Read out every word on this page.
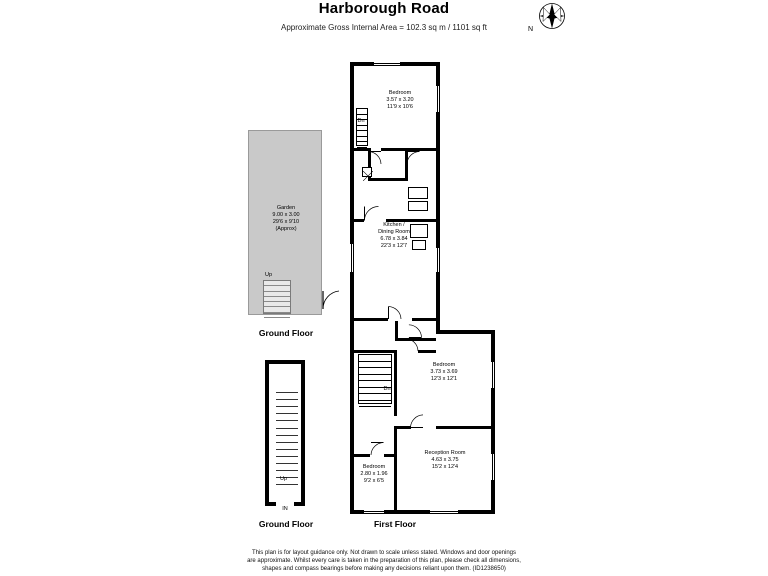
Harborough Road
Approximate Gross Internal Area = 102.3 sq m / 1101 sq ft	N
Garden
9.00 x 3.00
29'6 x 9'10
(Approx)
Up
Ground Floor
Up
IN
Ground Floor
Bedroom
3.57 x 3.20
11'9 x 10'6
Dn
Kitchen /
Dining Room
6.78 x 3.84
22'3 x 12'7
Bedroom
3.73 x 3.69
12'3 x 12'1
Dn
Reception Room
4.63 x 3.75
15'2 x 12'4
Bedroom
2.80 x 1.96
9'2 x 6'5
First Floor
This plan is for layout guidance only. Not drawn to scale unless stated. Windows and door openings
are approximate. Whilst every care is taken in the preparation of this plan, please check all dimensions,
shapes and compass bearings before making any decisions reliant upon them. (ID1238650)
